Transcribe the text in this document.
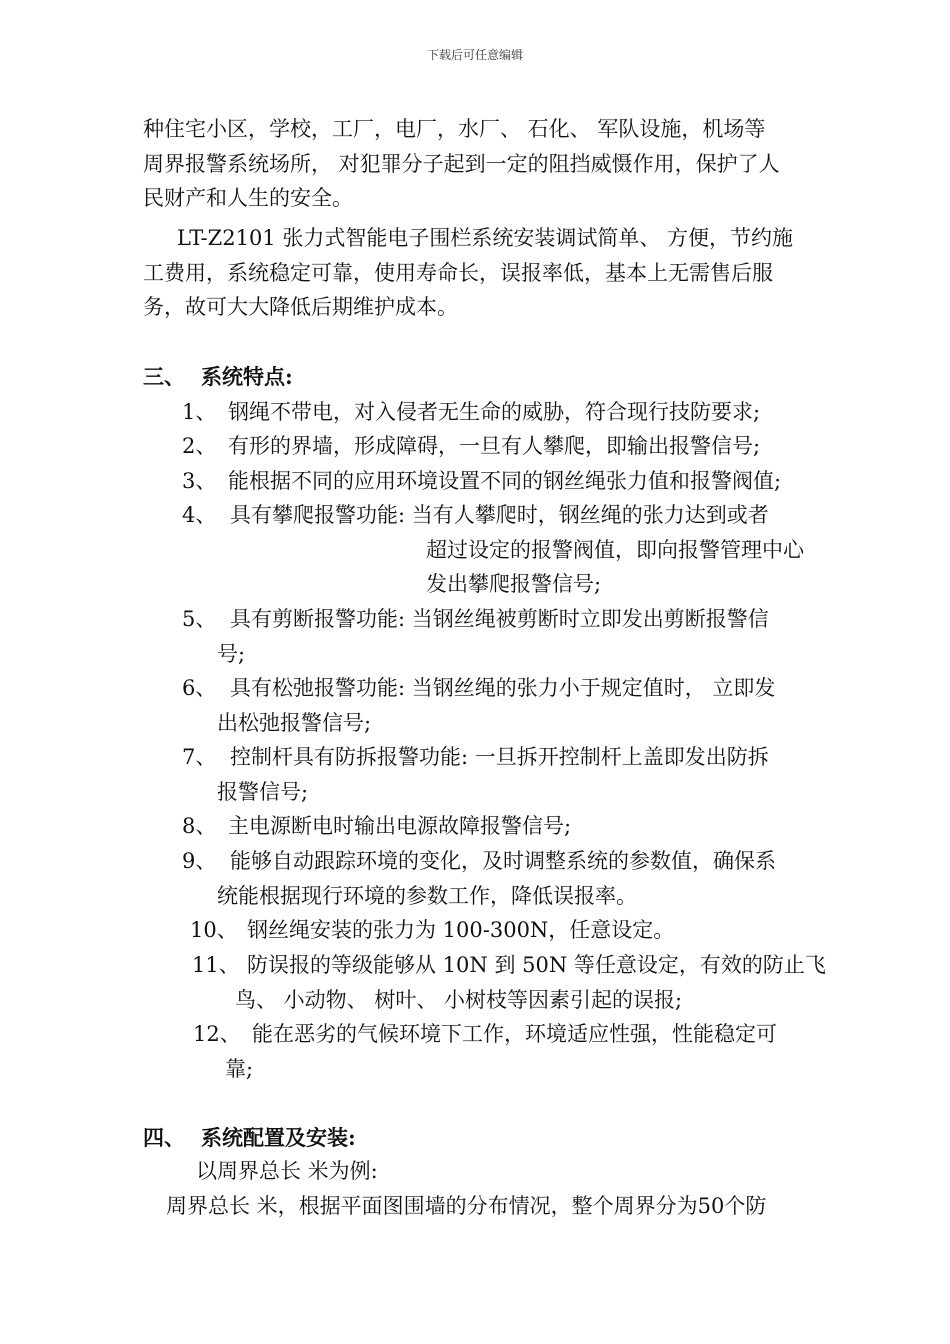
下载后可任意编辑
种住宅小区，学校，工厂，电厂，水厂、 石化、 军队设施，机场等
周界报警系统场所， 对犯罪分子起到一定的阻挡威慑作用，保护了人
民财产和人生的安全。
LT-Z2101 张力式智能电子围栏系统安装调试简单、 方便，节约施
工费用，系统稳定可靠，使用寿命长，误报率低，基本上无需售后服
务，故可大大降低后期维护成本。
三、 系统特点:
1、 钢绳不带电，对入侵者无生命的威胁，符合现行技防要求;
2、 有形的界墙，形成障碍，一旦有人攀爬，即输出报警信号;
3、 能根据不同的应用环境设置不同的钢丝绳张力值和报警阀值;
4、 具有攀爬报警功能: 当有人攀爬时，钢丝绳的张力达到或者
超过设定的报警阀值，即向报警管理中心
发出攀爬报警信号;
5、 具有剪断报警功能: 当钢丝绳被剪断时立即发出剪断报警信
号;
6、 具有松弛报警功能: 当钢丝绳的张力小于规定值时， 立即发
出松弛报警信号;
7、 控制杆具有防拆报警功能: 一旦拆开控制杆上盖即发出防拆
报警信号;
8、 主电源断电时输出电源故障报警信号;
9、 能够自动跟踪环境的变化，及时调整系统的参数值，确保系
统能根据现行环境的参数工作，降低误报率。
10、 钢丝绳安装的张力为 100-300N，任意设定。
11、 防误报的等级能够从 10N 到 50N 等任意设定，有效的防止飞
鸟、 小动物、 树叶、 小树枝等因素引起的误报;
12、 能在恶劣的气候环境下工作，环境适应性强，性能稳定可
靠;
四、 系统配置及安装:
以周界总长 米为例:
周界总长 米，根据平面图围墙的分布情况，整个周界分为50个防
